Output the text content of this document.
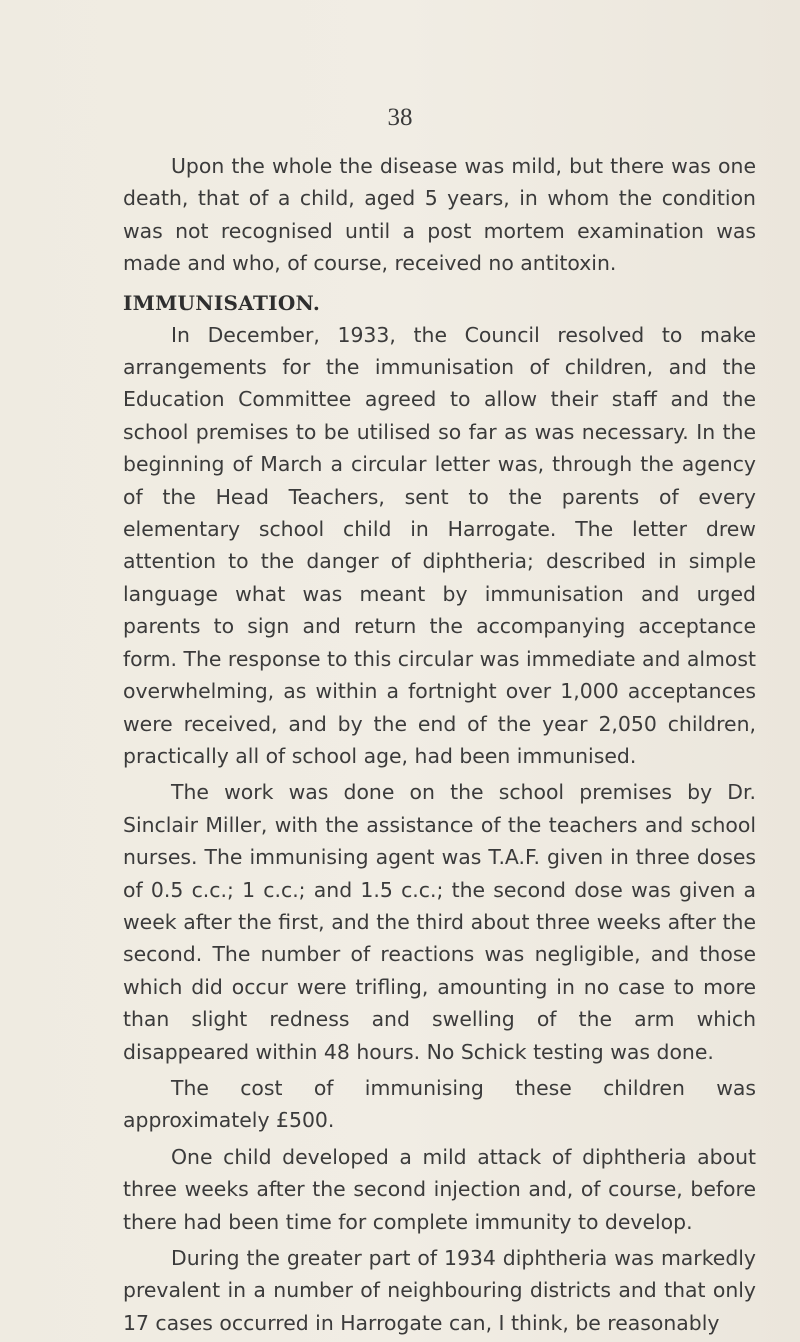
38

Upon the whole the disease was mild, but there was one death, that of a child, aged 5 years, in whom the condition was not recognised until a post mortem examination was made and who, of course, received no antitoxin.

IMMUNISATION.

In December, 1933, the Council resolved to make arrangements for the immunisation of children, and the Education Committee agreed to allow their staff and the school premises to be utilised so far as was necessary. In the beginning of March a circular letter was, through the agency of the Head Teachers, sent to the parents of every elementary school child in Harrogate. The letter drew attention to the danger of diphtheria; described in simple language what was meant by immunisation and urged parents to sign and return the accompanying acceptance form. The response to this circular was immediate and almost overwhelming, as within a fortnight over 1,000 acceptances were received, and by the end of the year 2,050 children, practically all of school age, had been immunised.

The work was done on the school premises by Dr. Sinclair Miller, with the assistance of the teachers and school nurses. The immunising agent was T.A.F. given in three doses of 0.5 c.c.; 1 c.c.; and 1.5 c.c.; the second dose was given a week after the first, and the third about three weeks after the second. The number of reactions was negligible, and those which did occur were trifling, amounting in no case to more than slight redness and swelling of the arm which disappeared within 48 hours. No Schick testing was done.

The cost of immunising these children was approximately £500.

One child developed a mild attack of diphtheria about three weeks after the second injection and, of course, before there had been time for complete immunity to develop.

During the greater part of 1934 diphtheria was markedly prevalent in a number of neighbouring districts and that only 17 cases occurred in Harrogate can, I think, be reasonably
